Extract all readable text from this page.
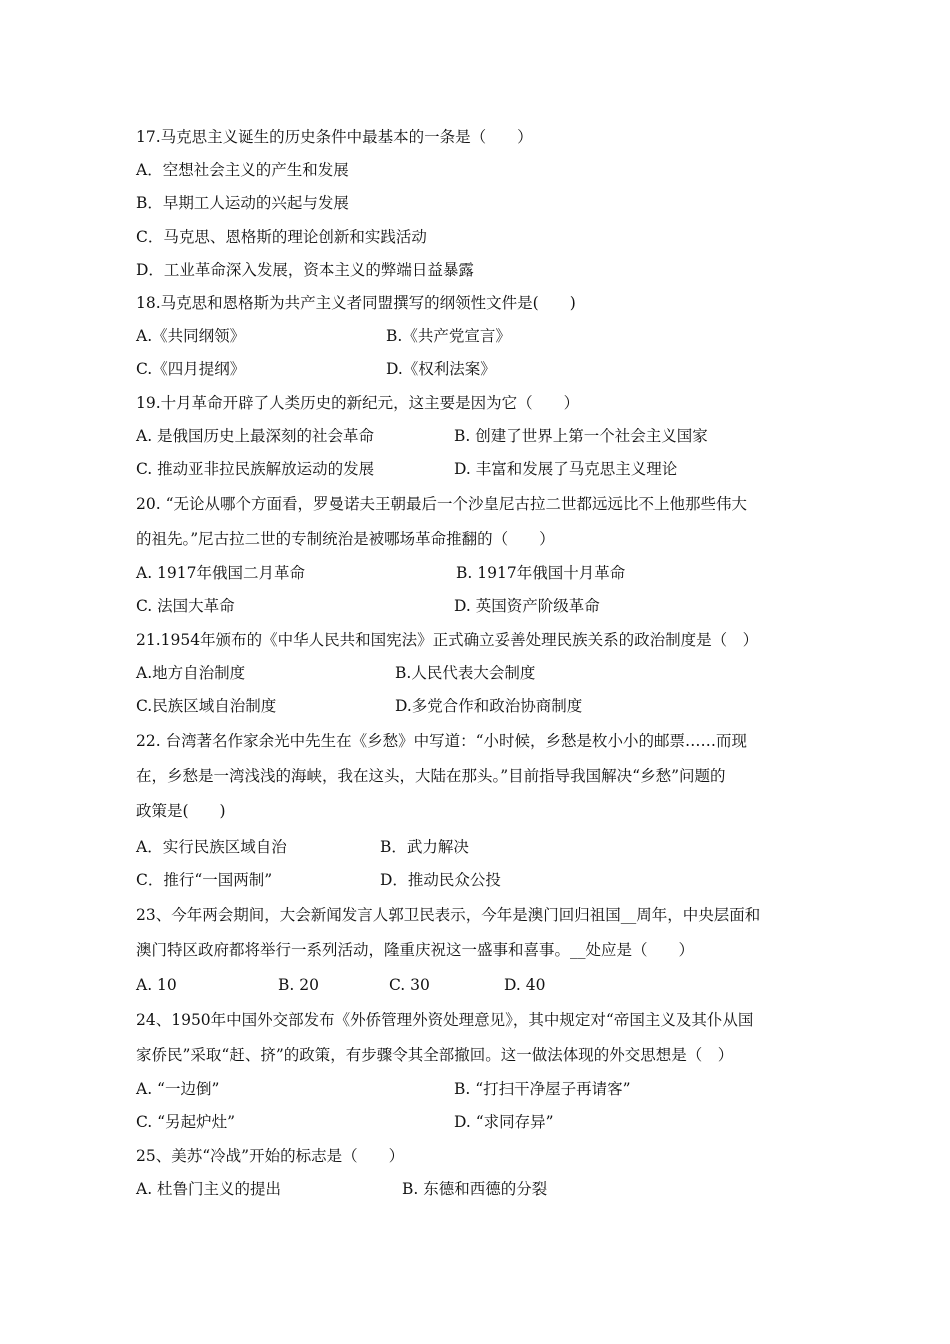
17.马克思主义诞生的历史条件中最基本的一条是（　　）
A．空想社会主义的产生和发展
B．早期工人运动的兴起与发展
C．马克思、恩格斯的理论创新和实践活动
D．工业革命深入发展，资本主义的弊端日益暴露
18.马克思和恩格斯为共产主义者同盟撰写的纲领性文件是(　　)
A.《共同纲领》	B.《共产党宣言》
C.《四月提纲》	D.《权利法案》
19.十月革命开辟了人类历史的新纪元，这主要是因为它（　　）
A. 是俄国历史上最深刻的社会革命	B. 创建了世界上第一个社会主义国家
C. 推动亚非拉民族解放运动的发展	D. 丰富和发展了马克思主义理论
20. “无论从哪个方面看，罗曼诺夫王朝最后一个沙皇尼古拉二世都远远比不上他那些伟大
的祖先。”尼古拉二世的专制统治是被哪场革命推翻的（　　）
A. 1917年俄国二月革命	B. 1917年俄国十月革命
C. 法国大革命	D. 英国资产阶级革命
21.1954年颁布的《中华人民共和国宪法》正式确立妥善处理民族关系的政治制度是（　）
A.地方自治制度	B.人民代表大会制度
C.民族区域自治制度	D.多党合作和政治协商制度
22. 台湾著名作家余光中先生在《乡愁》中写道：“小时候，乡愁是枚小小的邮票……而现
在，乡愁是一湾浅浅的海峡，我在这头，大陆在那头。”目前指导我国解决“乡愁”问题的
政策是(　　)
A．实行民族区域自治	B．武力解决
C．推行“一国两制”	D．推动民众公投
23、今年两会期间，大会新闻发言人郭卫民表示，今年是澳门回归祖国__周年，中央层面和
澳门特区政府都将举行一系列活动，隆重庆祝这一盛事和喜事。__处应是（　　）
A. 10	B. 20	C. 30	D. 40
24、1950年中国外交部发布《外侨管理外资处理意见》，其中规定对“帝国主义及其仆从国
家侨民”采取“赶、挤”的政策，有步骤令其全部撤回。这一做法体现的外交思想是（　）
A. “一边倒”	B. “打扫干净屋子再请客”
C. “另起炉灶”	D. “求同存异”
25、美苏“冷战”开始的标志是（　　）
A. 杜鲁门主义的提出	B. 东德和西德的分裂
